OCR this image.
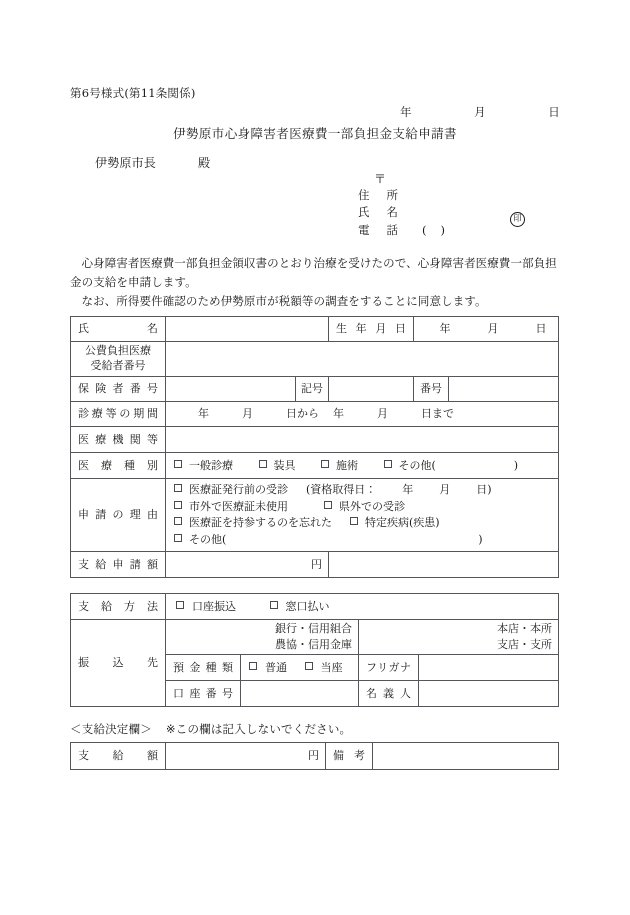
第6号様式(第11条関係)
年	月	日
伊勢原市心身障害者医療費一部負担金支給申請書
伊勢原市長	殿
〒
住所
氏名	印
電話 ( )

心身障害者医療費一部負担金領収書のとおり治療を受けたので、心身障害者医療費一部負担金の支給を申請します。

なお、所得要件確認のため伊勢原市が税額等の調査をすることに同意します。

氏名			生年月日	年 月 日	

公費負担医療
受給者番号					

保険者番号		記号		番号	
診療等の期間	年　　　月　　　日から 年　　　月　　　日まで				

医療機関等					
医療種別	一般診療 装具 施術 その他( )				
申請の理由	医療証発行前の受診 (資格取得日： 年 月 日)
市外で医療証未使用 県外での受診
医療証を持参するのを忘れた 特定疾病(疾患)
その他( )				

支給申請額	円				
支給方法	口座振込 窓口払い			
振込先	
銀行・信用組合
農協・信用金庫

本店・本所
支店・支所

	預金種類	普通 当座	フリガナ	
	口座番号		名義人	
＜支給決定欄＞ ※この欄は記入しないでください。
支給額	円	備考	
